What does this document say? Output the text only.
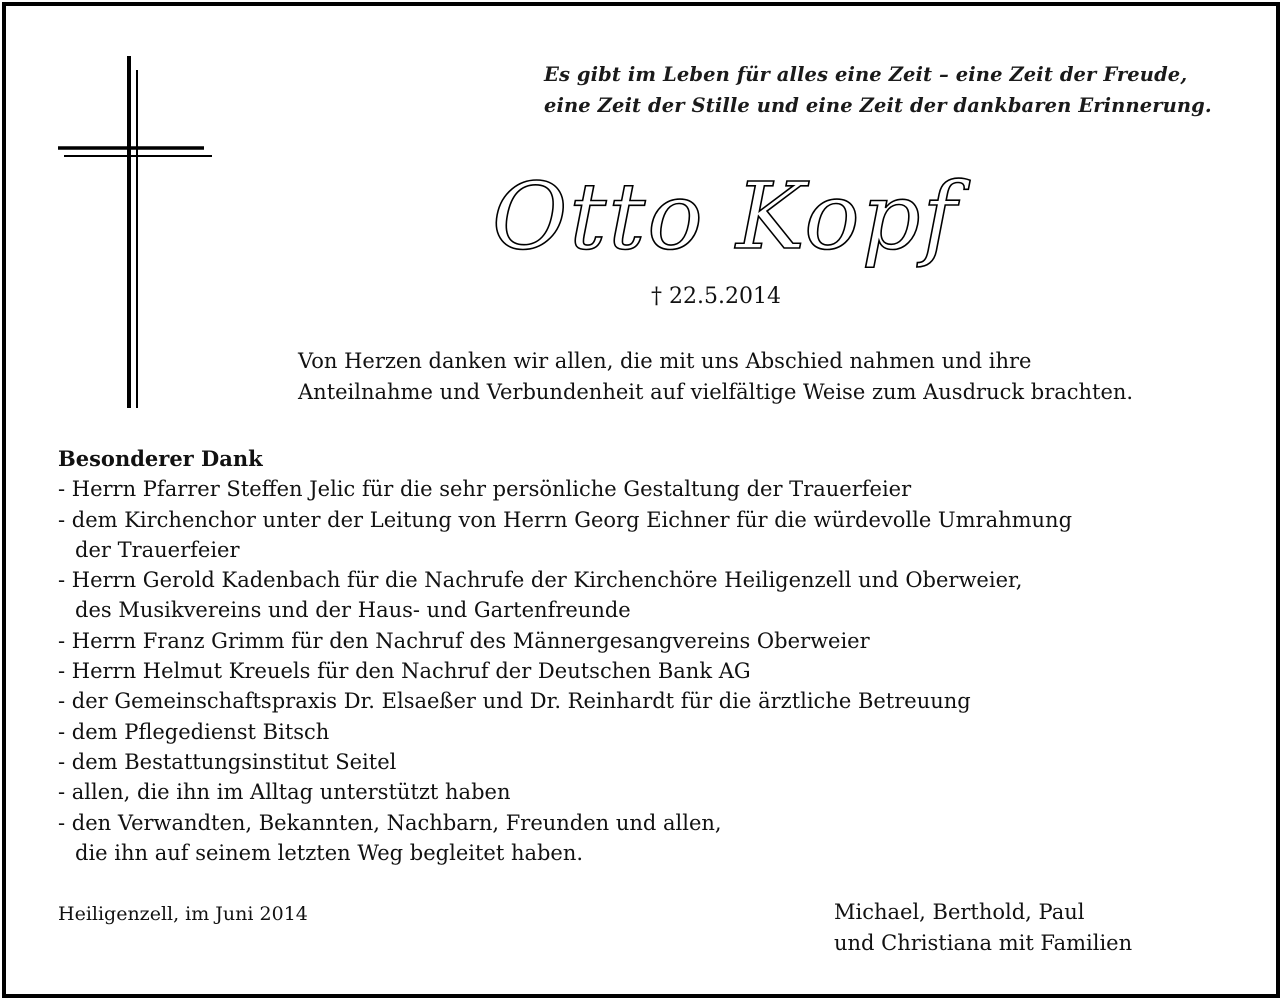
Es gibt im Leben für alles eine Zeit – eine Zeit der Freude,
eine Zeit der Stille und eine Zeit der dankbaren Erinnerung.
Otto Kopf
† 22.5.2014
Von Herzen danken wir allen, die mit uns Abschied nahmen und ihre
Anteilnahme und Verbundenheit auf vielfältige Weise zum Ausdruck brachten.
Besonderer Dank
- Herrn Pfarrer Steffen Jelic für die sehr persönliche Gestaltung der Trauerfeier
- dem Kirchenchor unter der Leitung von Herrn Georg Eichner für die würdevolle Umrahmung
der Trauerfeier
- Herrn Gerold Kadenbach für die Nachrufe der Kirchenchöre Heiligenzell und Oberweier,
des Musikvereins und der Haus- und Gartenfreunde
- Herrn Franz Grimm für den Nachruf des Männergesangvereins Oberweier
- Herrn Helmut Kreuels für den Nachruf der Deutschen Bank AG
- der Gemeinschaftspraxis Dr. Elsaeßer und Dr. Reinhardt für die ärztliche Betreuung
- dem Pflegedienst Bitsch
- dem Bestattungsinstitut Seitel
- allen, die ihn im Alltag unterstützt haben
- den Verwandten, Bekannten, Nachbarn, Freunden und allen,
die ihn auf seinem letzten Weg begleitet haben.
Heiligenzell, im Juni 2014	Michael, Berthold, Paul
und Christiana mit Familien
